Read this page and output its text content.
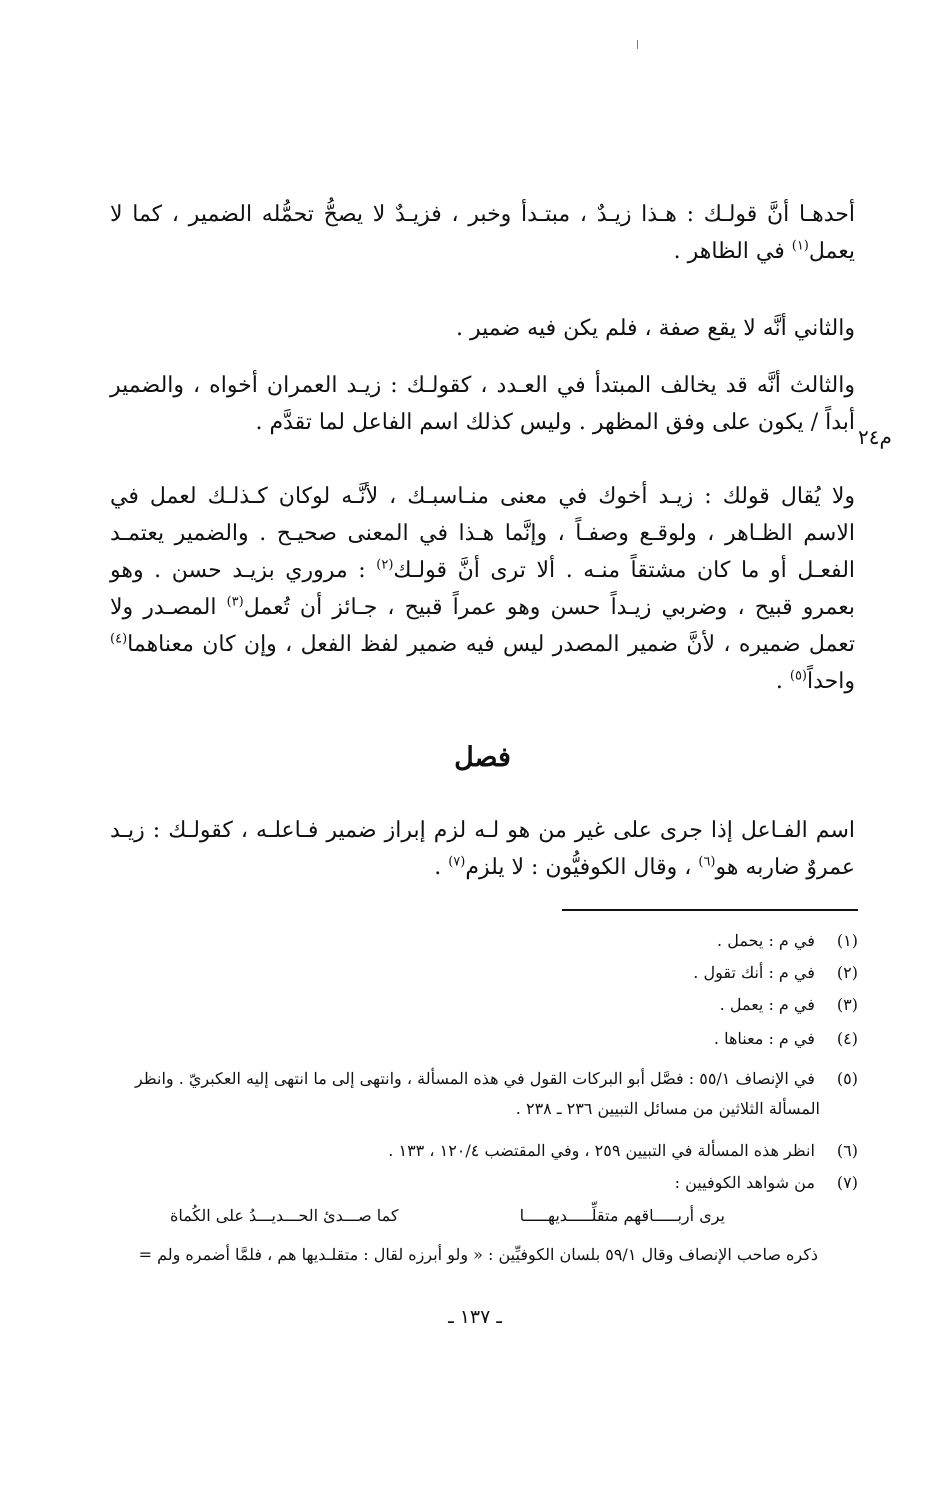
أحدهـا أنَّ قولـك : هـذا زيـدٌ ، مبتـدأ وخبر ، فزيـدٌ لا يصحُّ تحمُّله الضمير ، كما لا يعمل$^{(١)}$ في الظاهر .
والثاني أنَّه لا يقع صفة ، فلم يكن فيه ضمير .
والثالث أنَّه قد يخالف المبتدأ في العـدد ، كقولـك : زيـد العمران أخواه ، والضمير أبداً / يكون على وفق المظهر . وليس كذلك اسم الفاعل لما تقدَّم .
م٢٤
ولا يُقال قولك : زيـد أخوك في معنى منـاسبـك ، لأنَّـه لوكان كـذلـك لعمل في الاسم الظـاهر ، ولوقـع وصفـاً ، وإنَّما هـذا في المعنى صحيـح . والضمير يعتمـد الفعـل أو ما كان مشتقاً منـه . ألا ترى أنَّ قولـك$^{(٢)}$ : مروري بزيـد حسن . وهو بعمرو قبيح ، وضربي زيـداً حسن وهو عمراً قبيح ، جـائز أن تُعمل$^{(٣)}$ المصـدر ولا تعمل ضميره ، لأنَّ ضمير المصدر ليس فيه ضمير لفظ الفعل ، وإن كان معناهما$^{(٤)}$ واحداً$^{(٥)}$ .
فصل
اسم الفـاعل إذا جرى على غير من هو لـه لزم إبراز ضمير فـاعلـه ، كقولـك : زيـد عمروٌ ضاربه هو$^{(٦)}$ ، وقال الكوفيُّون : لا يلزم$^{(٧)}$ .
(١) في م : يحمل .
(٢) في م : أنك تقول .
(٣) في م : يعمل .
(٤) في م : معناها .
(٥) في الإنصاف ٥٥/١ : فصَّل أبو البركات القول في هذه المسألة ، وانتهى إلى ما انتهى إليه العكبريّ . وانظر
المسألة الثلاثين من مسائل التبيين ٢٣٦ ـ ٢٣٨ .
(٦) انظر هذه المسألة في التبيين ٢٥٩ ، وفي المقتضب ١٢٠/٤ ، ١٣٣ .
(٧) من شواهد الكوفيين :
يرى أربـــــاقهم متقلِّـــــديهـــــا
كما صـــدئ الحـــديـــدُ على الكُماة
ذكره صاحب الإنصاف وقال ٥٩/١ بلسان الكوفيِّين : « ولو أبرزه لقال : متقلـديها هم ، فلمَّا أضمره ولم =
ـ ١٣٧ ـ
